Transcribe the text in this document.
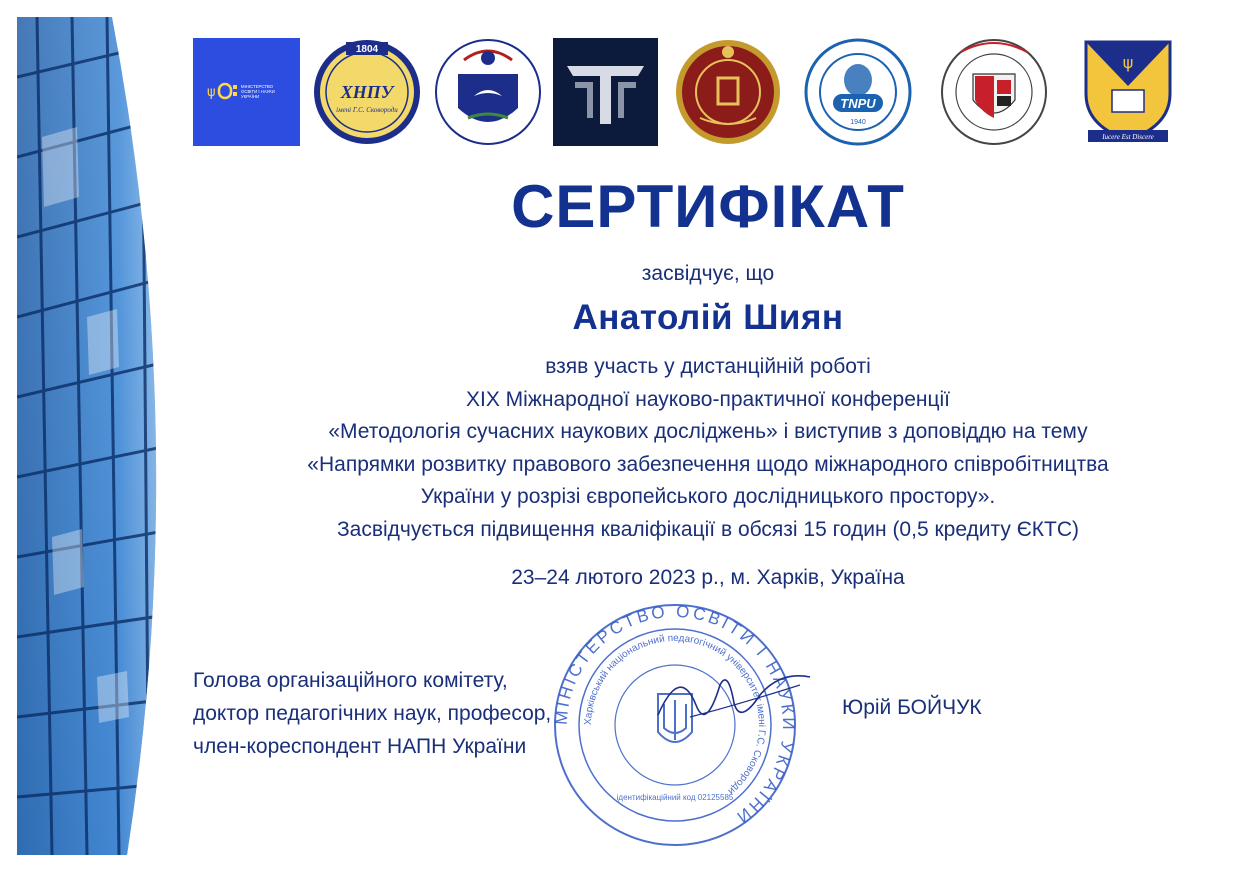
ψ	МІНІСТЕРСТВО
ОСВІТИ І НАУКИ
УКРАЇНИ
1804
ХНПУ
імені Г.С. Сковороди	TNPU
1940
ψ
Iucere Est Discere
СЕРТИФІКАТ
засвідчує, що
Анатолій Шиян
взяв участь у дистанційній роботі
XIX Міжнародної науково-практичної конференції
«Методологія сучасних наукових досліджень» і виступив з доповіддю на тему
«Напрямки розвитку правового забезпечення щодо міжнародного співробітництва
України у розрізі європейського дослідницького простору».
Засвідчується підвищення кваліфікації в обсязі 15 годин (0,5 кредиту ЄКТС)
23–24 лютого 2023 р., м. Харків, Україна
МІНІСТЕРСТВО ОСВІТИ І НАУКИ УКРАЇНИ
Харківський національний педагогічний університет імені Г.С. Сковороди
ідентифікаційний код 02125585
Голова організаційного комітету,
доктор педагогічних наук, професор,
член-кореспондент НАПН України
Юрій БОЙЧУК
